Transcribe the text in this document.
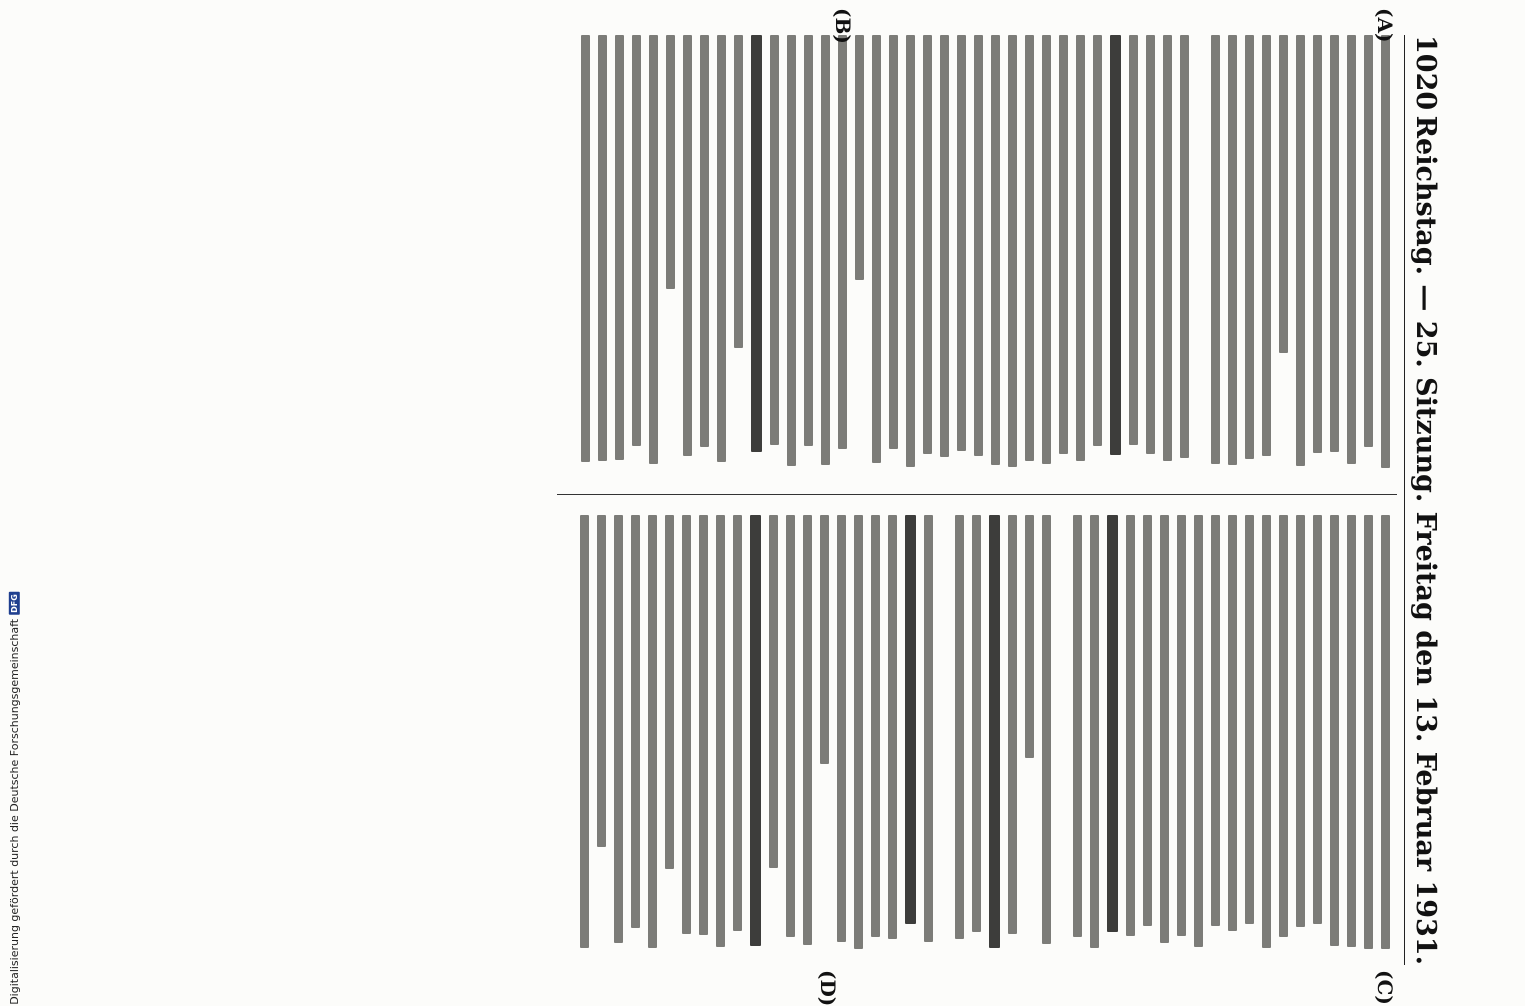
1020
Reichstag. — 25. Sitzung. Freitag den 13. Februar 1931.
(A)
(B)
(C)
(D)
Digitalisierung gefördert durch die Deutsche Forschungsgemeinschaft
DFG
